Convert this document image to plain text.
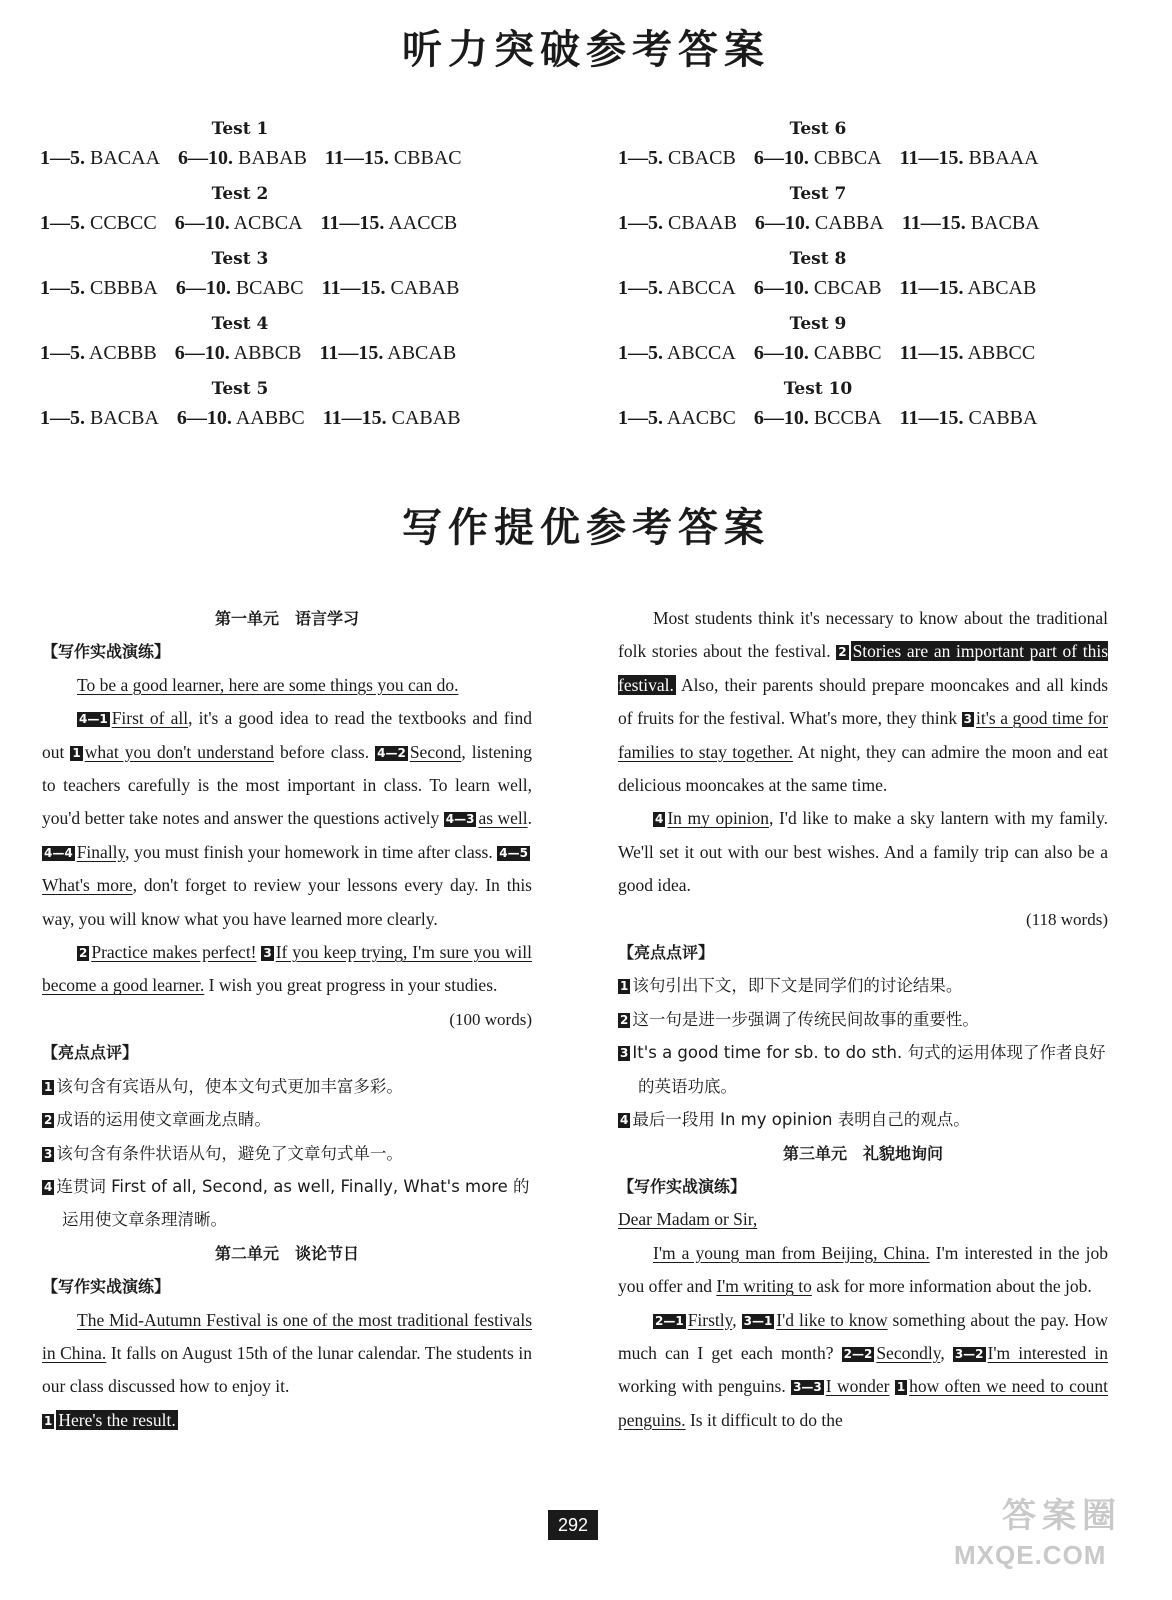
听力突破参考答案
Test 1
1—5. BACAA 6—10. BABAB 11—15. CBBAC
Test 2
1—5. CCBCC 6—10. ACBCA 11—15. AACCB
Test 3
1—5. CBBBA 6—10. BCABC 11—15. CABAB
Test 4
1—5. ACBBB 6—10. ABBCB 11—15. ABCAB
Test 5
1—5. BACBA 6—10. AABBC 11—15. CABAB
Test 6
1—5. CBACB 6—10. CBBCA 11—15. BBAAA
Test 7
1—5. CBAAB 6—10. CABBA 11—15. BACBA
Test 8
1—5. ABCCA 6—10. CBCAB 11—15. ABCAB
Test 9
1—5. ABCCA 6—10. CABBC 11—15. ABBCC
Test 10
1—5. AACBC 6—10. BCCBA 11—15. CABBA
写作提优参考答案

第一单元　语言学习

【写作实战演练】

To be a good learner, here are some things you can do.

4—1 First of all, it's a good idea to read the textbooks and find out 1 what you don't understand before class. 4—2 Second, listening to teachers carefully is the most important in class. To learn well, you'd better take notes and answer the questions actively 4—3 as well. 4—4 Finally, you must finish your homework in time after class. 4—5What's more, don't forget to review your lessons every day. In this way, you will know what you have learned more clearly.

2 Practice makes perfect! 3 If you keep trying, I'm sure you will become a good learner. I wish you great progress in your studies.

(100 words)

【亮点点评】

1 该句含有宾语从句，使本文句式更加丰富多彩。

2 成语的运用使文章画龙点睛。

3 该句含有条件状语从句，避免了文章句式单一。

4 连贯词 First of all, Second, as well, Finally, What's more 的运用使文章条理清晰。

第二单元　谈论节日

【写作实战演练】

The Mid-Autumn Festival is one of the most traditional festivals in China. It falls on August 15th of the lunar calendar. The students in our class discussed how to enjoy it.

1 Here's the result.

Most students think it's necessary to know about the traditional folk stories about the festival. 2 Stories are an important part of this festival. Also, their parents should prepare mooncakes and all kinds of fruits for the festival. What's more, they think 3 it's a good time for families to stay together. At night, they can admire the moon and eat delicious mooncakes at the same time.

4 In my opinion, I'd like to make a sky lantern with my family. We'll set it out with our best wishes. And a family trip can also be a good idea.

(118 words)

【亮点点评】

1 该句引出下文，即下文是同学们的讨论结果。

2 这一句是进一步强调了传统民间故事的重要性。

3 It's a good time for sb. to do sth. 句式的运用体现了作者良好的英语功底。

4 最后一段用 In my opinion 表明自己的观点。

第三单元　礼貌地询问

【写作实战演练】

Dear Madam or Sir,

I'm a young man from Beijing, China. I'm interested in the job you offer and I'm writing to ask for more information about the job.

2—1 Firstly, 3—1 I'd like to know something about the pay. How much can I get each month? 2—2 Secondly, 3—2 I'm interested in working with penguins. 3—3 I wonder 1 how often we need to count penguins. Is it difficult to do the

292	答案圈
MXQE.COM
